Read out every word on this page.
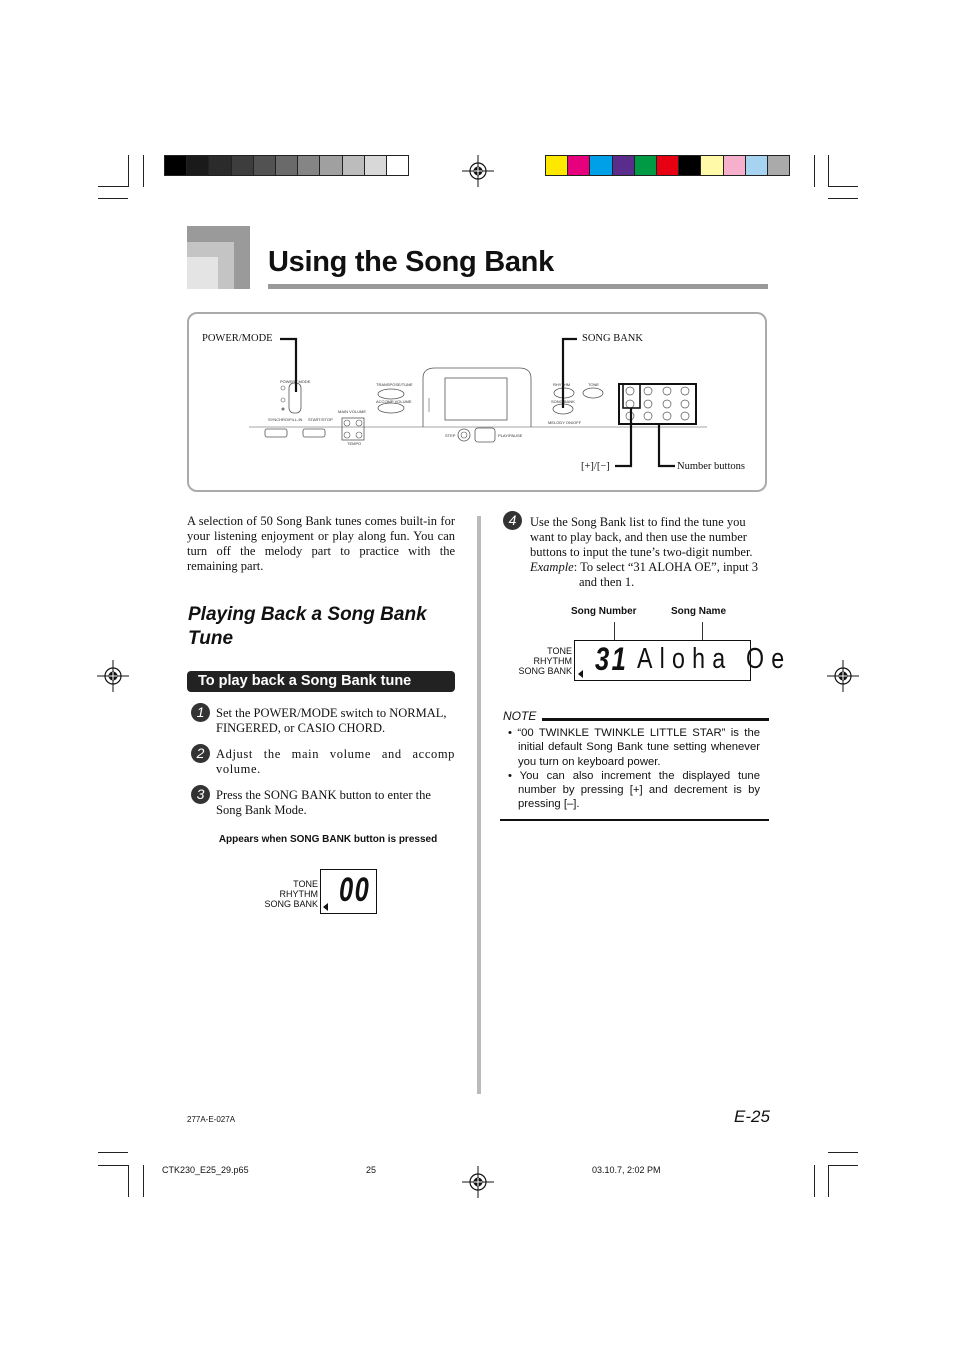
Using the Song Bank
POWER/MODE	SONG BANK
[+]/[−]	Number buttons
POWER / MODE
TRANSPOSE/TUNE
ACCOMP VOLUME
MAIN VOLUME
SYNCHRO/FILL-IN START/STOP
TEMPO
RHYTHM	TONE
SONG BANK
MELODY ON/OFF
STEP	PLAY/PAUSE
A selection of 50 Song Bank tunes comes built-in for your listening enjoyment or play along fun. You can turn off the melody part to practice with the remaining part.
Playing Back a Song Bank Tune
To play back a Song Bank tune
1 Set the POWER/MODE switch to NORMAL, FINGERED, or CASIO CHORD.
2 Adjust the main volume and accomp volume.
3 Press the SONG BANK button to enter the Song Bank Mode.
Appears when SONG BANK button is pressed
TONE
RHYTHM
SONG BANK 00
4	Use the Song Bank list to find the tune you want to play back, and then use the number buttons to input the tune’s two-digit number.
Example: To select “31 ALOHA OE”, input 3 and then 1.
Song Number	Song Name
TONE
RHYTHM
SONG BANK 31 Aloha Oe
NOTE
• “00 TWINKLE TWINKLE LITTLE STAR” is the initial default Song Bank tune setting whenever you turn on keyboard power.
• You can also increment the displayed tune number by pressing [+] and decrement is by pressing [–].
E-25
277A-E-027A
CTK230_E25_29.p65	25	03.10.7, 2:02 PM
